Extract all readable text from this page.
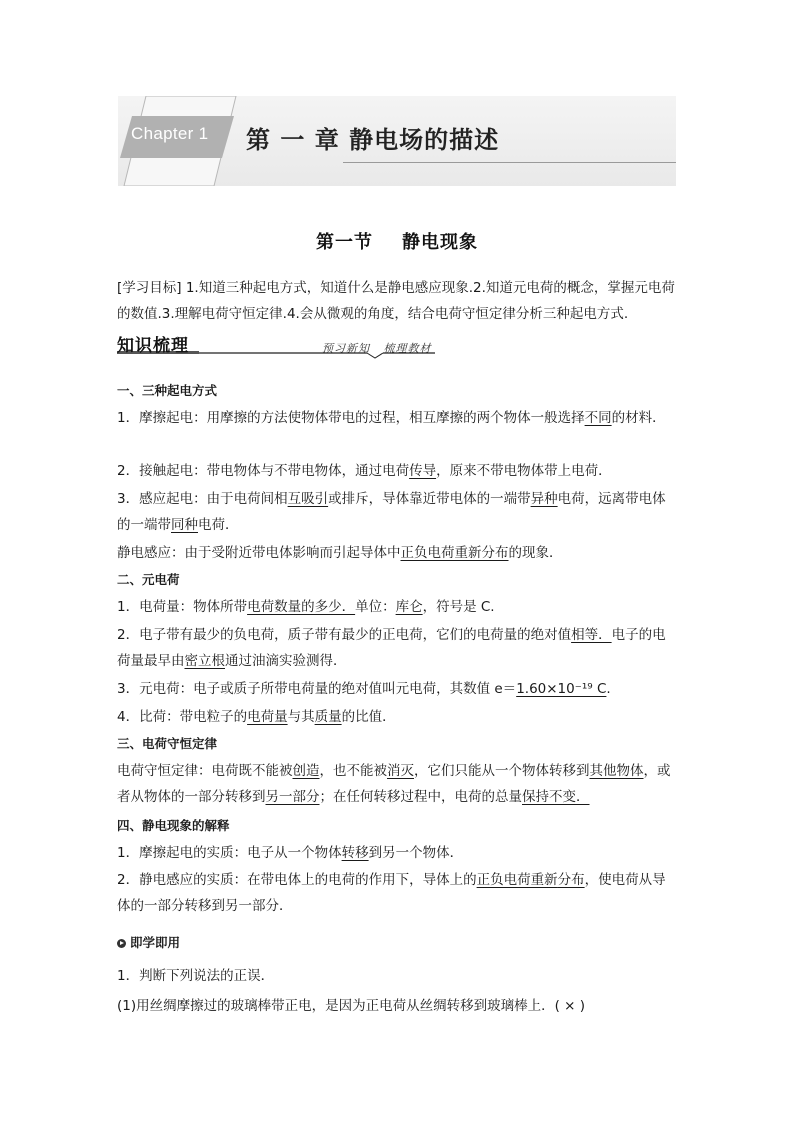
Chapter 1 第 一 章 静电场的描述
第一节    静电现象
[学习目标] 1.知道三种起电方式，知道什么是静电感应现象.2.知道元电荷的概念，掌握元电荷的数值.3.理解电荷守恒定律.4.会从微观的角度，结合电荷守恒定律分析三种起电方式.
知识梳理	预习新知   梳理教材
一、三种起电方式
1．摩擦起电：用摩擦的方法使物体带电的过程，相互摩擦的两个物体一般选择不同的材料．
2．接触起电：带电物体与不带电物体，通过电荷传导，原来不带电物体带上电荷．
3．感应起电：由于电荷间相互吸引或排斥，导体靠近带电体的一端带异种电荷，远离带电体的一端带同种电荷．
静电感应：由于受附近带电体影响而引起导体中正负电荷重新分布的现象．
二、元电荷
1．电荷量：物体所带电荷数量的多少．单位：库仑，符号是 C.
2．电子带有最少的负电荷，质子带有最少的正电荷，它们的电荷量的绝对值相等．电子的电荷量最早由密立根通过油滴实验测得．
3．元电荷：电子或质子所带电荷量的绝对值叫元电荷，其数值 e＝1.60×10⁻¹⁹ C.
4．比荷：带电粒子的电荷量与其质量的比值．
三、电荷守恒定律
电荷守恒定律：电荷既不能被创造，也不能被消灭，它们只能从一个物体转移到其他物体，或者从物体的一部分转移到另一部分；在任何转移过程中，电荷的总量保持不变．
四、静电现象的解释
1．摩擦起电的实质：电子从一个物体转移到另一个物体．
2．静电感应的实质：在带电体上的电荷的作用下，导体上的正负电荷重新分布，使电荷从导体的一部分转移到另一部分．
即学即用
1．判断下列说法的正误．
(1)用丝绸摩擦过的玻璃棒带正电，是因为正电荷从丝绸转移到玻璃棒上．( × )
